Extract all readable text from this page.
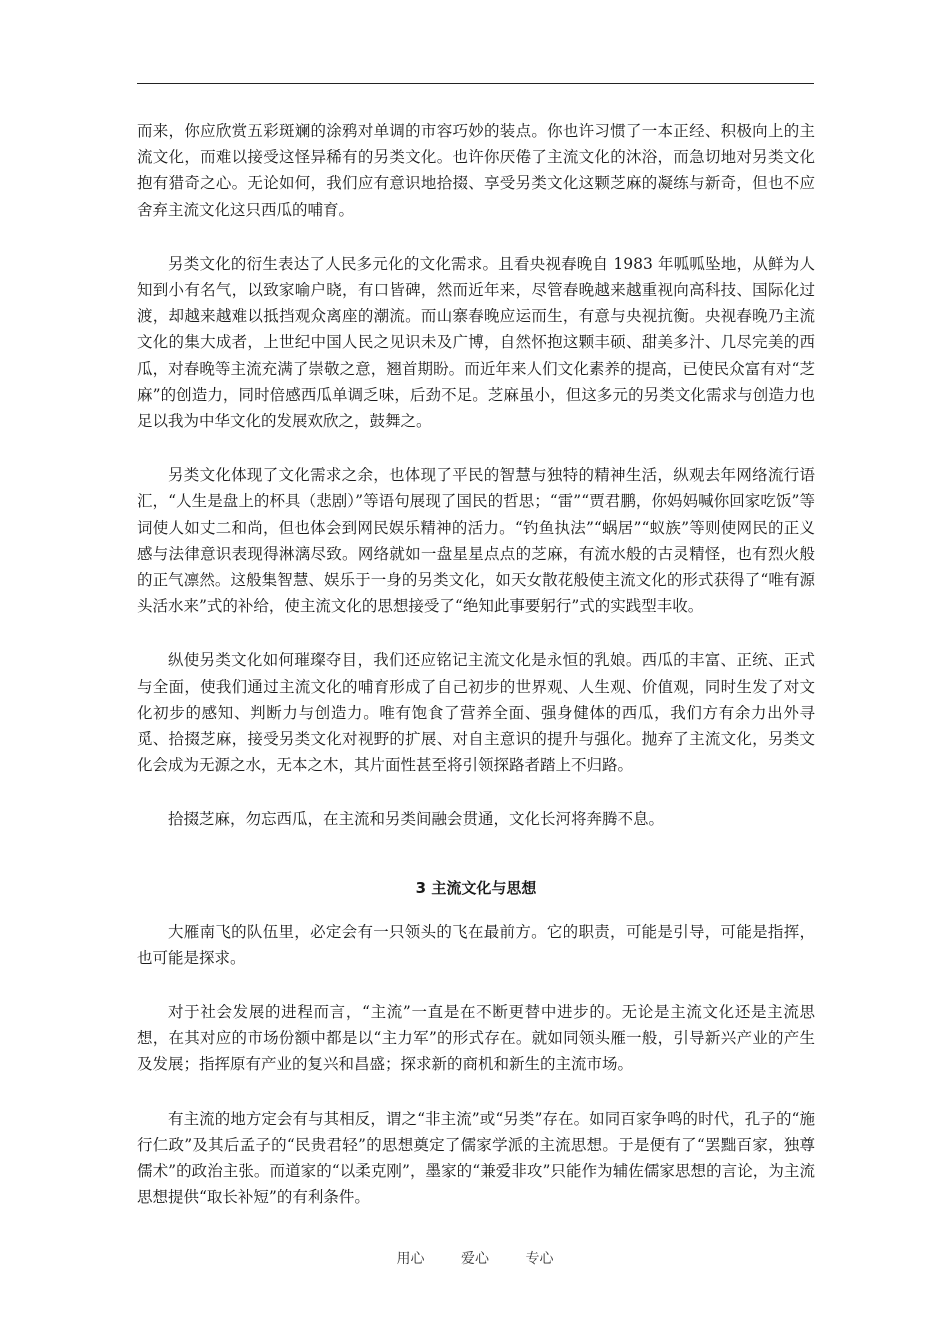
而来，你应欣赏五彩斑斓的涂鸦对单调的市容巧妙的装点。你也许习惯了一本正经、积极向上的主流文化，而难以接受这怪异稀有的另类文化。也许你厌倦了主流文化的沐浴，而急切地对另类文化抱有猎奇之心。无论如何，我们应有意识地拾掇、享受另类文化这颗芝麻的凝练与新奇，但也不应舍弃主流文化这只西瓜的哺育。

另类文化的衍生表达了人民多元化的文化需求。且看央视春晚自 1983 年呱呱坠地，从鲜为人知到小有名气，以致家喻户晓，有口皆碑，然而近年来，尽管春晚越来越重视向高科技、国际化过渡，却越来越难以抵挡观众离座的潮流。而山寨春晚应运而生，有意与央视抗衡。央视春晚乃主流文化的集大成者，上世纪中国人民之见识未及广博，自然怀抱这颗丰硕、甜美多汁、几尽完美的西瓜，对春晚等主流充满了崇敬之意，翘首期盼。而近年来人们文化素养的提高，已使民众富有对“芝麻”的创造力，同时倍感西瓜单调乏味，后劲不足。芝麻虽小，但这多元的另类文化需求与创造力也足以我为中华文化的发展欢欣之，鼓舞之。

另类文化体现了文化需求之余，也体现了平民的智慧与独特的精神生活，纵观去年网络流行语汇，“人生是盘上的杯具（悲剧）”等语句展现了国民的哲思；“雷”“贾君鹏，你妈妈喊你回家吃饭”等词使人如丈二和尚，但也体会到网民娱乐精神的活力。“钓鱼执法”“蜗居”“蚁族”等则使网民的正义感与法律意识表现得淋漓尽致。网络就如一盘星星点点的芝麻，有流水般的古灵精怪，也有烈火般的正气凛然。这般集智慧、娱乐于一身的另类文化，如天女散花般使主流文化的形式获得了“唯有源头活水来”式的补给，使主流文化的思想接受了“绝知此事要躬行”式的实践型丰收。

纵使另类文化如何璀璨夺目，我们还应铭记主流文化是永恒的乳娘。西瓜的丰富、正统、正式与全面，使我们通过主流文化的哺育形成了自己初步的世界观、人生观、价值观，同时生发了对文化初步的感知、判断力与创造力。唯有饱食了营养全面、强身健体的西瓜，我们方有余力出外寻觅、拾掇芝麻，接受另类文化对视野的扩展、对自主意识的提升与强化。抛弃了主流文化，另类文化会成为无源之水，无本之木，其片面性甚至将引领探路者踏上不归路。

拾掇芝麻，勿忘西瓜，在主流和另类间融会贯通，文化长河将奔腾不息。

3 主流文化与思想

大雁南飞的队伍里，必定会有一只领头的飞在最前方。它的职责，可能是引导，可能是指挥，也可能是探求。

对于社会发展的进程而言，“主流”一直是在不断更替中进步的。无论是主流文化还是主流思想，在其对应的市场份额中都是以“主力军”的形式存在。就如同领头雁一般，引导新兴产业的产生及发展；指挥原有产业的复兴和昌盛；探求新的商机和新生的主流市场。

有主流的地方定会有与其相反，谓之“非主流”或“另类”存在。如同百家争鸣的时代，孔子的“施行仁政”及其后孟子的“民贵君轻”的思想奠定了儒家学派的主流思想。于是便有了“罢黜百家，独尊儒术”的政治主张。而道家的“以柔克刚”，墨家的“兼爱非攻”只能作为辅佐儒家思想的言论，为主流思想提供“取长补短”的有利条件。

用心	爱心	专心
